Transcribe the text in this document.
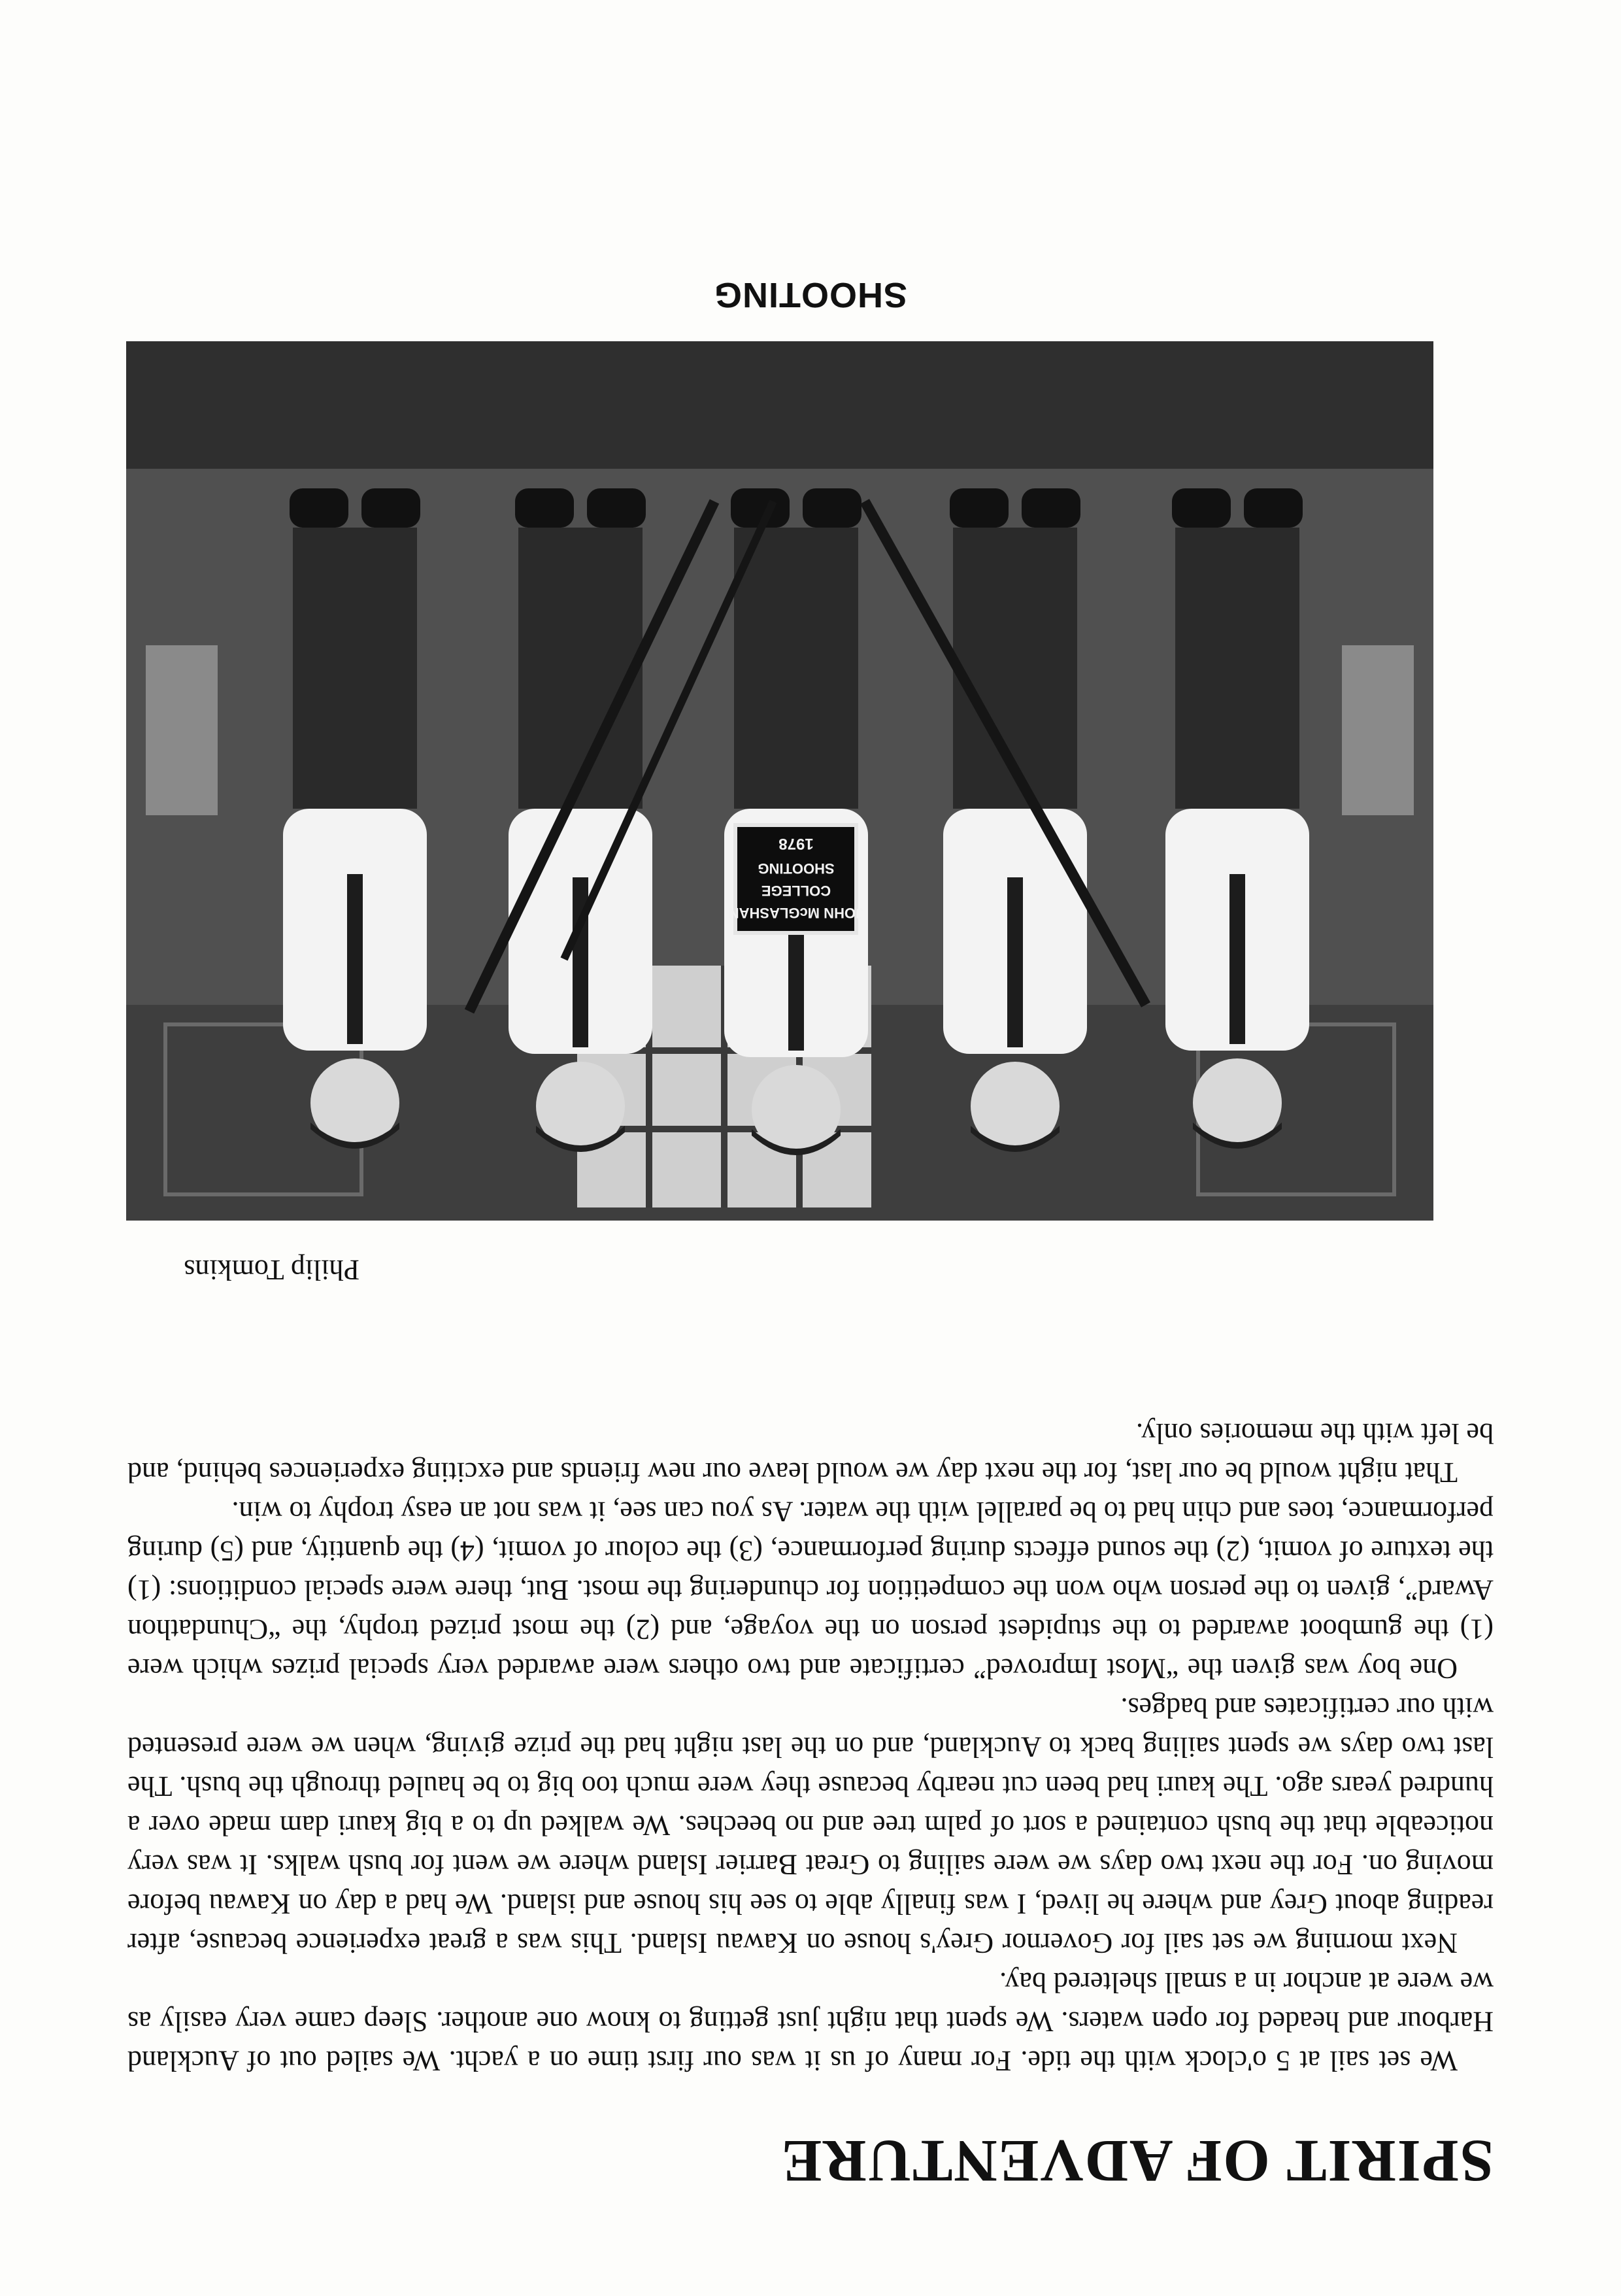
SPIRIT OF ADVENTURE

We set sail at 5 o'clock with the tide. For many of us it was our first time on a yacht. We sailed out of Auckland Harbour and headed for open waters. We spent that night just getting to know one another. Sleep came very easily as we were at anchor in a small sheltered bay.

Next morning we set sail for Governor Grey's house on Kawau Island. This was a great experience because, after reading about Grey and where he lived, I was finally able to see his house and island. We had a day on Kawau before moving on. For the next two days we were sailing to Great Barrier Island where we went for bush walks. It was very noticeable that the bush contained a sort of palm tree and no beeches. We walked up to a big kauri dam made over a hundred years ago. The kauri had been cut nearby because they were much too big to be hauled through the bush. The last two days we spent sailing back to Auckland, and on the last night had the prize giving, when we were presented with our certificates and badges.

One boy was given the “Most Improved” certificate and two others were awarded very special prizes which were (1) the gumboot awarded to the stupidest person on the voyage, and (2) the most prized trophy, the “Chundathon Award”, given to the person who won the competition for chundering the most. But, there were special conditions: (1) the texture of vomit, (2) the sound effects during performance, (3) the colour of vomit, (4) the quantity, and (5) during performance, toes and chin had to be parallel with the water. As you can see, it was not an easy trophy to win.

That night would be our last, for the next day we would leave our new friends and exciting experiences behind, and be left with the memories only.

Philip Tomkins
JOHN McGLASHAN
COLLEGE
SHOOTING
1978
SHOOTING
